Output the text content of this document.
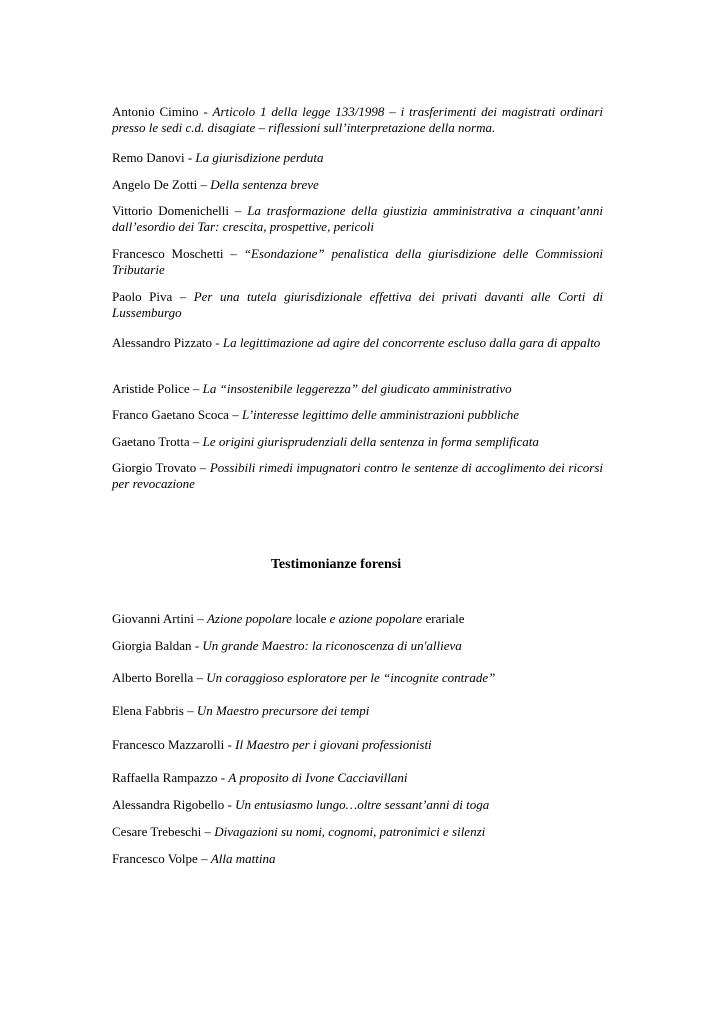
Antonio Cimino - Articolo 1 della legge 133/1998 – i trasferimenti dei magistrati ordinari presso le sedi c.d. disagiate – riflessioni sull’interpretazione della norma.

Remo Danovi - La giurisdizione perduta

Angelo De Zotti – Della sentenza breve

Vittorio Domenichelli – La trasformazione della giustizia amministrativa a cinquant’anni dall’esordio dei Tar: crescita, prospettive, pericoli

Francesco Moschetti – “Esondazione” penalistica della giurisdizione delle Commissioni Tributarie

Paolo Piva – Per una tutela giurisdizionale effettiva dei privati davanti alle Corti di Lussemburgo

Alessandro Pizzato - La legittimazione ad agire del concorrente escluso dalla gara di appalto

Aristide Police – La “insostenibile leggerezza” del giudicato amministrativo

Franco Gaetano Scoca – L’interesse legittimo delle amministrazioni pubbliche

Gaetano Trotta – Le origini giurisprudenziali della sentenza in forma semplificata

Giorgio Trovato – Possibili rimedi impugnatori contro le sentenze di accoglimento dei ricorsi per revocazione

Testimonianze forensi

Giovanni Artini – Azione popolare locale e azione popolare erariale

Giorgia Baldan - Un grande Maestro: la riconoscenza di un'allieva

Alberto Borella – Un coraggioso esploratore per le “incognite contrade”

Elena Fabbris – Un Maestro precursore dei tempi

Francesco Mazzarolli - Il Maestro per i giovani professionisti

Raffaella Rampazzo - A proposito di Ivone Cacciavillani

Alessandra Rigobello - Un entusiasmo lungo…oltre sessant’anni di toga

Cesare Trebeschi – Divagazioni su nomi, cognomi, patronimici e silenzi

Francesco Volpe – Alla mattina
